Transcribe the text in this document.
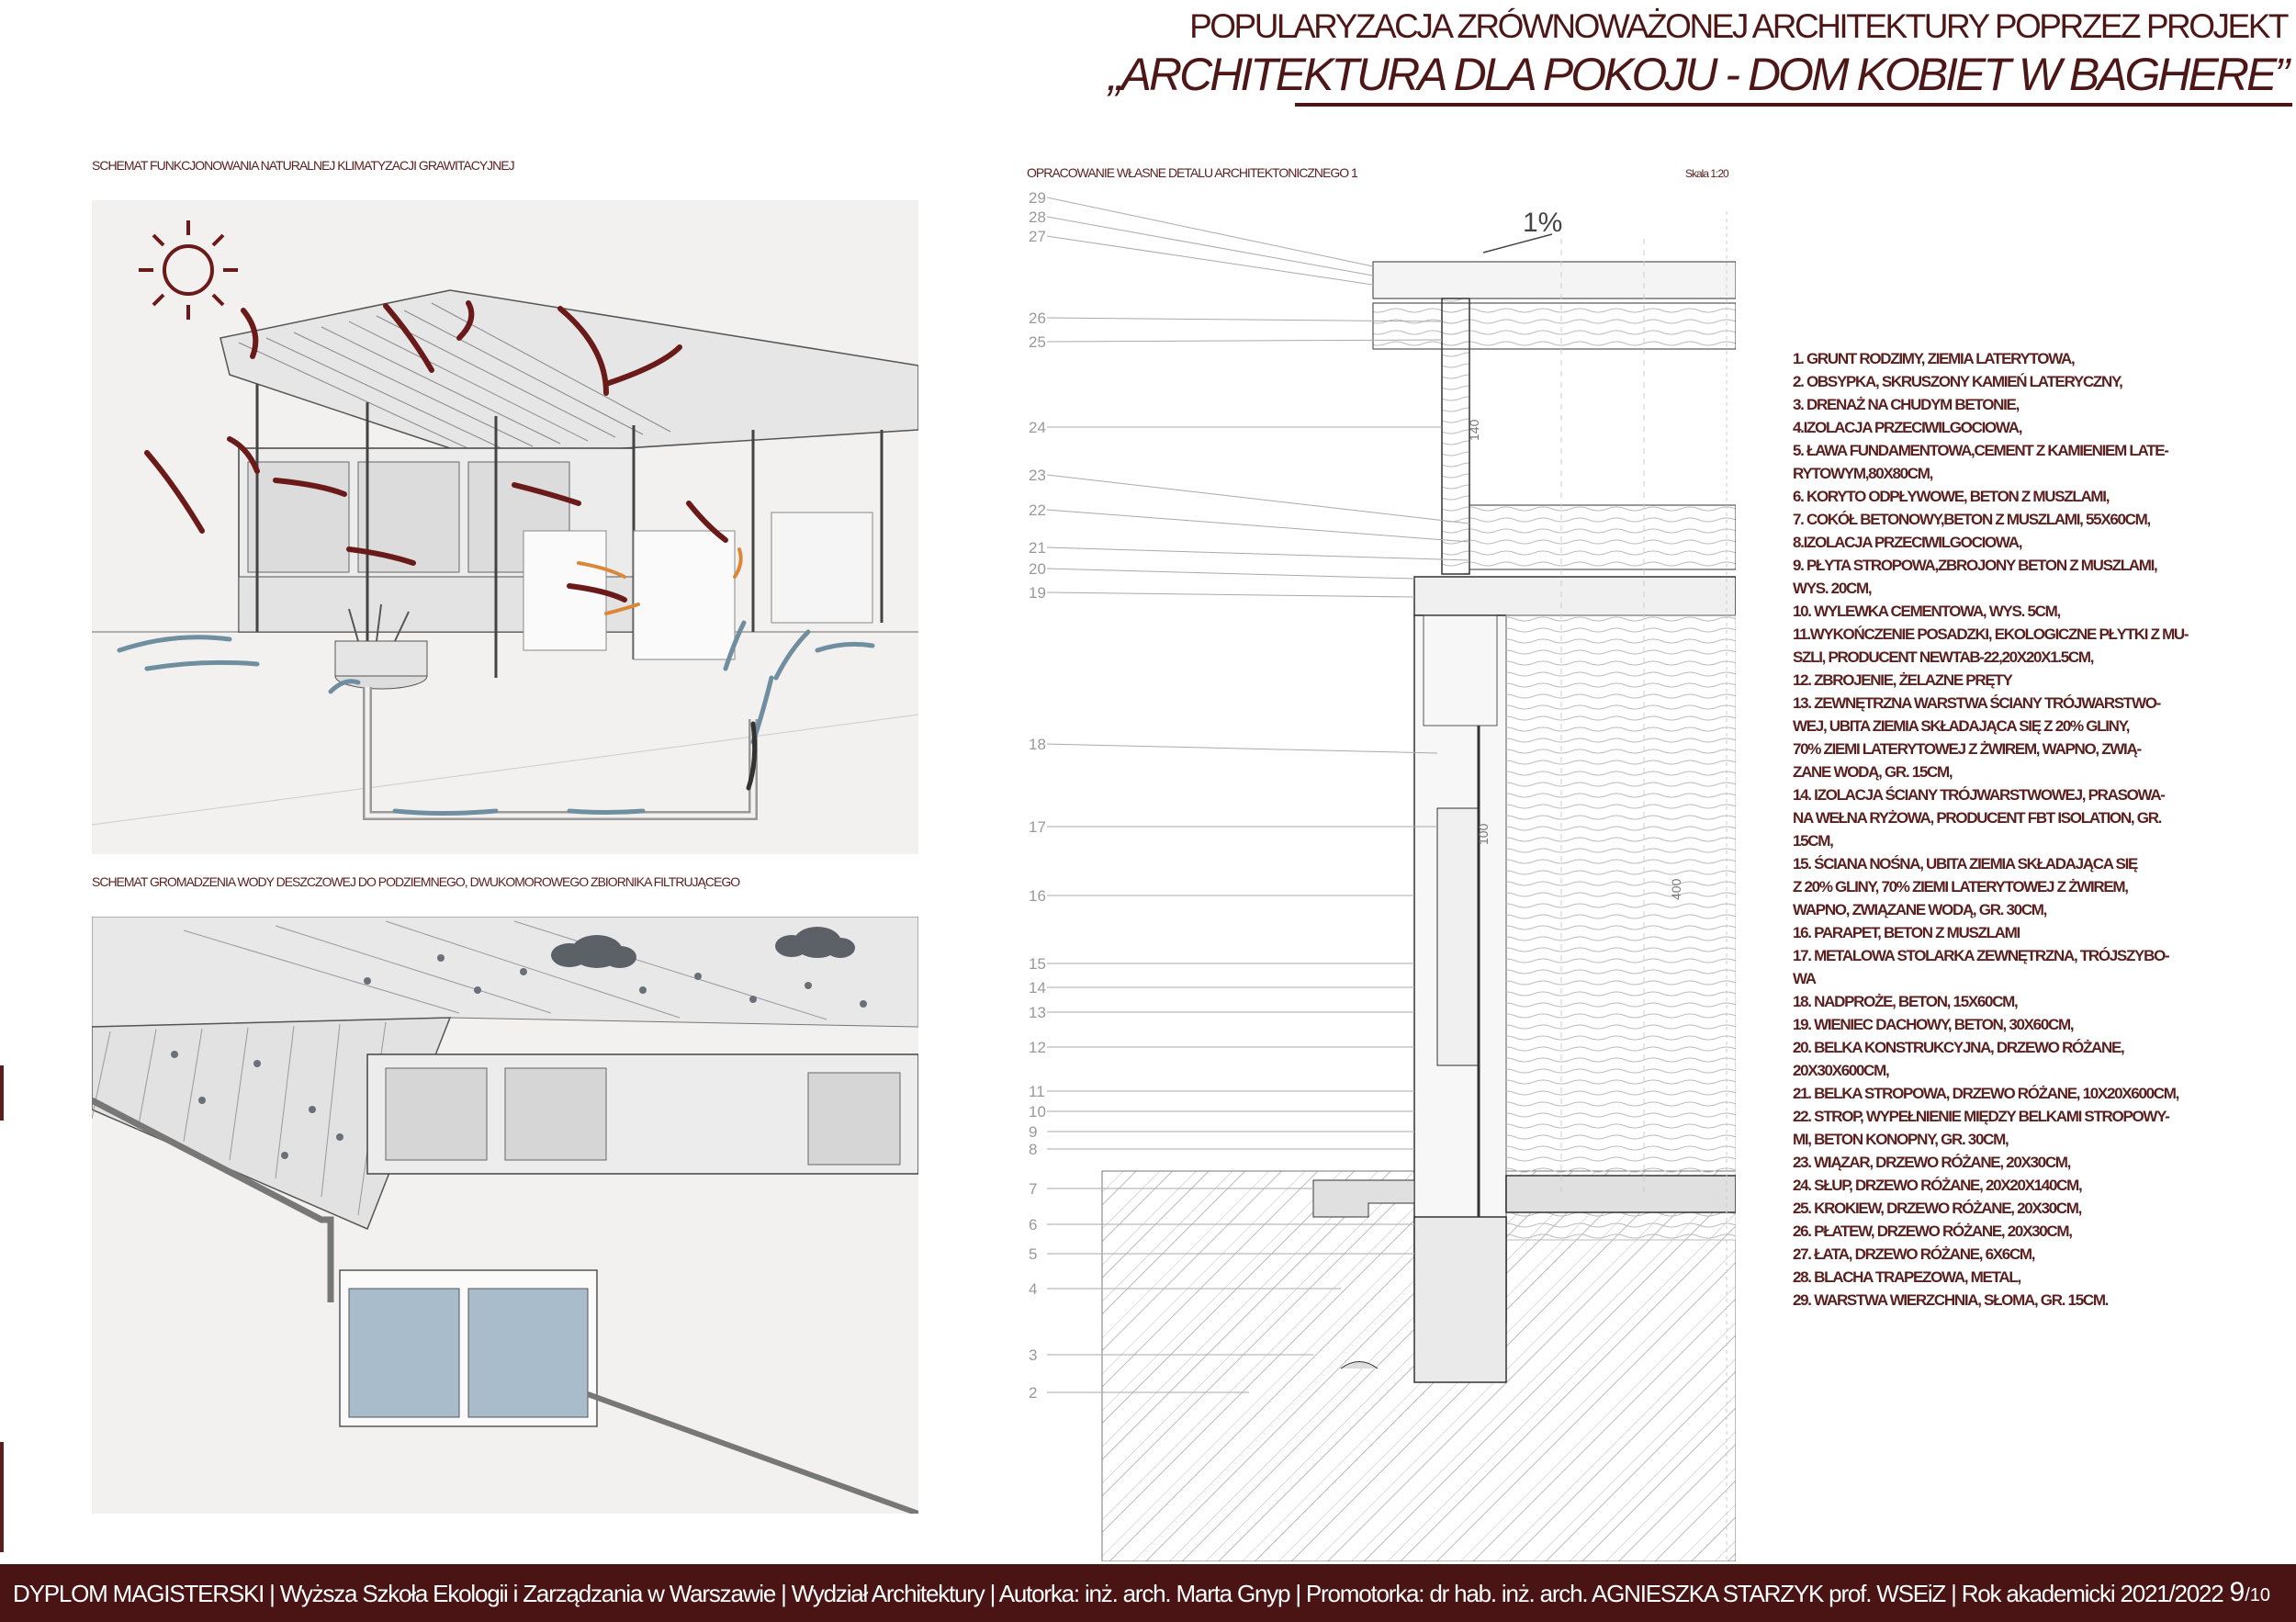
POPULARYZACJA ZRÓWNOWAŻONEJ ARCHITEKTURY POPRZEZ PROJEKT
„ARCHITEKTURA DLA POKOJU - DOM KOBIET W BAGHERE”
SCHEMAT FUNKCJONOWANIA NATURALNEJ KLIMATYZACJI GRAWITACYJNEJ
SCHEMAT GROMADZENIA WODY DESZCZOWEJ DO PODZIEMNEGO, DWUKOMOROWEGO ZBIORNIKA FILTRUJĄCEGO
OPRACOWANIE WŁASNE DETALU ARCHITEKTONICZNEGO 1	Skala 1:20
1%
140
100
400
29
28
27
26
25
24
23
22
21
20
19
18
17
16
15
14
13
12
11
10
9
8
7
6
5
4
3
2
1. GRUNT RODZIMY, ZIEMIA LATERYTOWA,
2. OBSYPKA, SKRUSZONY KAMIEŃ LATERYCZNY,
3. DRENAŻ NA CHUDYM BETONIE,
4.IZOLACJA PRZECIWILGOCIOWA,
5. ŁAWA FUNDAMENTOWA,CEMENT Z KAMIENIEM LATE-
RYTOWYM,80X80CM,
6. KORYTO ODPŁYWOWE, BETON Z MUSZLAMI,
7. COKÓŁ BETONOWY,BETON Z MUSZLAMI, 55X60CM,
8.IZOLACJA PRZECIWILGOCIOWA,
9. PŁYTA STROPOWA,ZBROJONY BETON Z MUSZLAMI,
WYS. 20CM,
10. WYLEWKA CEMENTOWA, WYS. 5CM,
11.WYKOŃCZENIE POSADZKI, EKOLOGICZNE PŁYTKI Z MU-
SZLI, PRODUCENT NEWTAB-22,20X20X1.5CM,
12. ZBROJENIE, ŻELAZNE PRĘTY
13. ZEWNĘTRZNA WARSTWA ŚCIANY TRÓJWARSTWO-
WEJ, UBITA ZIEMIA SKŁADAJĄCA SIĘ Z 20% GLINY,
70% ZIEMI LATERYTOWEJ Z ŻWIREM, WAPNO, ZWIĄ-
ZANE WODĄ, GR. 15CM,
14. IZOLACJA ŚCIANY TRÓJWARSTWOWEJ, PRASOWA-
NA WEŁNA RYŻOWA, PRODUCENT FBT ISOLATION, GR.
15CM,
15. ŚCIANA NOŚNA, UBITA ZIEMIA SKŁADAJĄCA SIĘ
Z 20% GLINY, 70% ZIEMI LATERYTOWEJ Z ŻWIREM,
WAPNO, ZWIĄZANE WODĄ, GR. 30CM,
16. PARAPET, BETON Z MUSZLAMI
17. METALOWA STOLARKA ZEWNĘTRZNA, TRÓJSZYBO-
WA
18. NADPROŻE, BETON, 15X60CM,
19. WIENIEC DACHOWY, BETON, 30X60CM,
20. BELKA KONSTRUKCYJNA, DRZEWO RÓŻANE,
20X30X600CM,
21. BELKA STROPOWA, DRZEWO RÓŻANE, 10X20X600CM,
22. STROP, WYPEŁNIENIE MIĘDZY BELKAMI STROPOWY-
MI, BETON KONOPNY, GR. 30CM,
23. WIĄZAR, DRZEWO RÓŻANE, 20X30CM,
24. SŁUP, DRZEWO RÓŻANE, 20X20X140CM,
25. KROKIEW, DRZEWO RÓŻANE, 20X30CM,
26. PŁATEW, DRZEWO RÓŻANE, 20X30CM,
27. ŁATA, DRZEWO RÓŻANE, 6X6CM,
28. BLACHA TRAPEZOWA, METAL,
29. WARSTWA WIERZCHNIA, SŁOMA, GR. 15CM.
DYPLOM MAGISTERSKI | Wyższa Szkoła Ekologii i Zarządzania w Warszawie | Wydział Architektury | Autorka: inż. arch. Marta Gnyp | Promotorka: dr hab. inż. arch. AGNIESZKA STARZYK prof. WSEiZ | Rok akademicki 2021/2022 9/10
